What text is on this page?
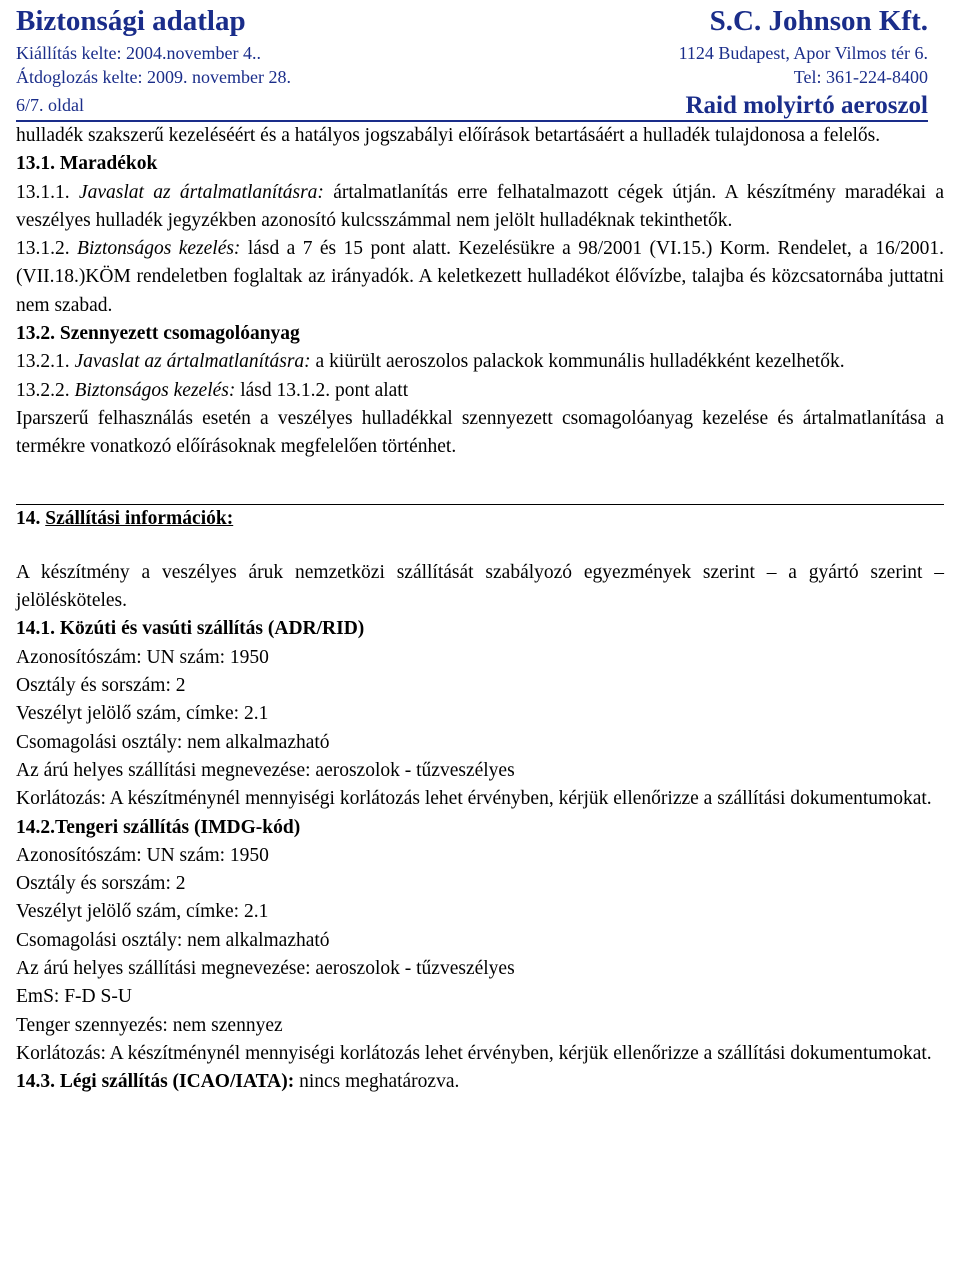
Biztonsági adatlap	S.C. Johnson Kft.
Kiállítás kelte: 2004.november 4..	1124 Budapest, Apor Vilmos tér 6.
Átdoglozás kelte: 2009. november 28.	Tel: 361-224-8400
6/7. oldal	Raid molyirtó aeroszol

hulladék szakszerű kezeléséért és a hatályos jogszabályi előírások betartásáért a hulladék tulajdonosa a felelős.

13.1. Maradékok

13.1.1. Javaslat az ártalmatlanításra: ártalmatlanítás erre felhatalmazott cégek útján. A készítmény maradékai a veszélyes hulladék jegyzékben azonosító kulcsszámmal nem jelölt hulladéknak tekinthetők.

13.1.2. Biztonságos kezelés: lásd a 7 és 15 pont alatt. Kezelésükre a 98/2001 (VI.15.) Korm. Rendelet, a 16/2001.(VII.18.)KÖM rendeletben foglaltak az irányadók. A keletkezett hulladékot élővízbe, talajba és közcsatornába juttatni nem szabad.

13.2. Szennyezett csomagolóanyag

13.2.1. Javaslat az ártalmatlanításra: a kiürült aeroszolos palackok kommunális hulladékként kezelhetők.

13.2.2. Biztonságos kezelés: lásd 13.1.2. pont alatt

Iparszerű felhasználás esetén a veszélyes hulladékkal szennyezett csomagolóanyag kezelése és ártalmatlanítása a termékre vonatkozó előírásoknak megfelelően történhet.

14. Szállítási információk:

A készítmény a veszélyes áruk nemzetközi szállítását szabályozó egyezmények szerint – a gyártó szerint – jelölésköteles.

14.1. Közúti és vasúti szállítás (ADR/RID)

Azonosítószám: UN szám: 1950

Osztály és sorszám: 2

Veszélyt jelölő szám, címke: 2.1

Csomagolási osztály: nem alkalmazható

Az árú helyes szállítási megnevezése: aeroszolok - tűzveszélyes

Korlátozás: A készítménynél mennyiségi korlátozás lehet érvényben, kérjük ellenőrizze a szállítási dokumentumokat.

14.2.Tengeri szállítás (IMDG-kód)

Azonosítószám: UN szám: 1950

Osztály és sorszám: 2

Veszélyt jelölő szám, címke: 2.1

Csomagolási osztály: nem alkalmazható

Az árú helyes szállítási megnevezése: aeroszolok - tűzveszélyes

EmS: F-D S-U

Tenger szennyezés: nem szennyez

Korlátozás: A készítménynél mennyiségi korlátozás lehet érvényben, kérjük ellenőrizze a szállítási dokumentumokat.

14.3. Légi szállítás (ICAO/IATA): nincs meghatározva.
